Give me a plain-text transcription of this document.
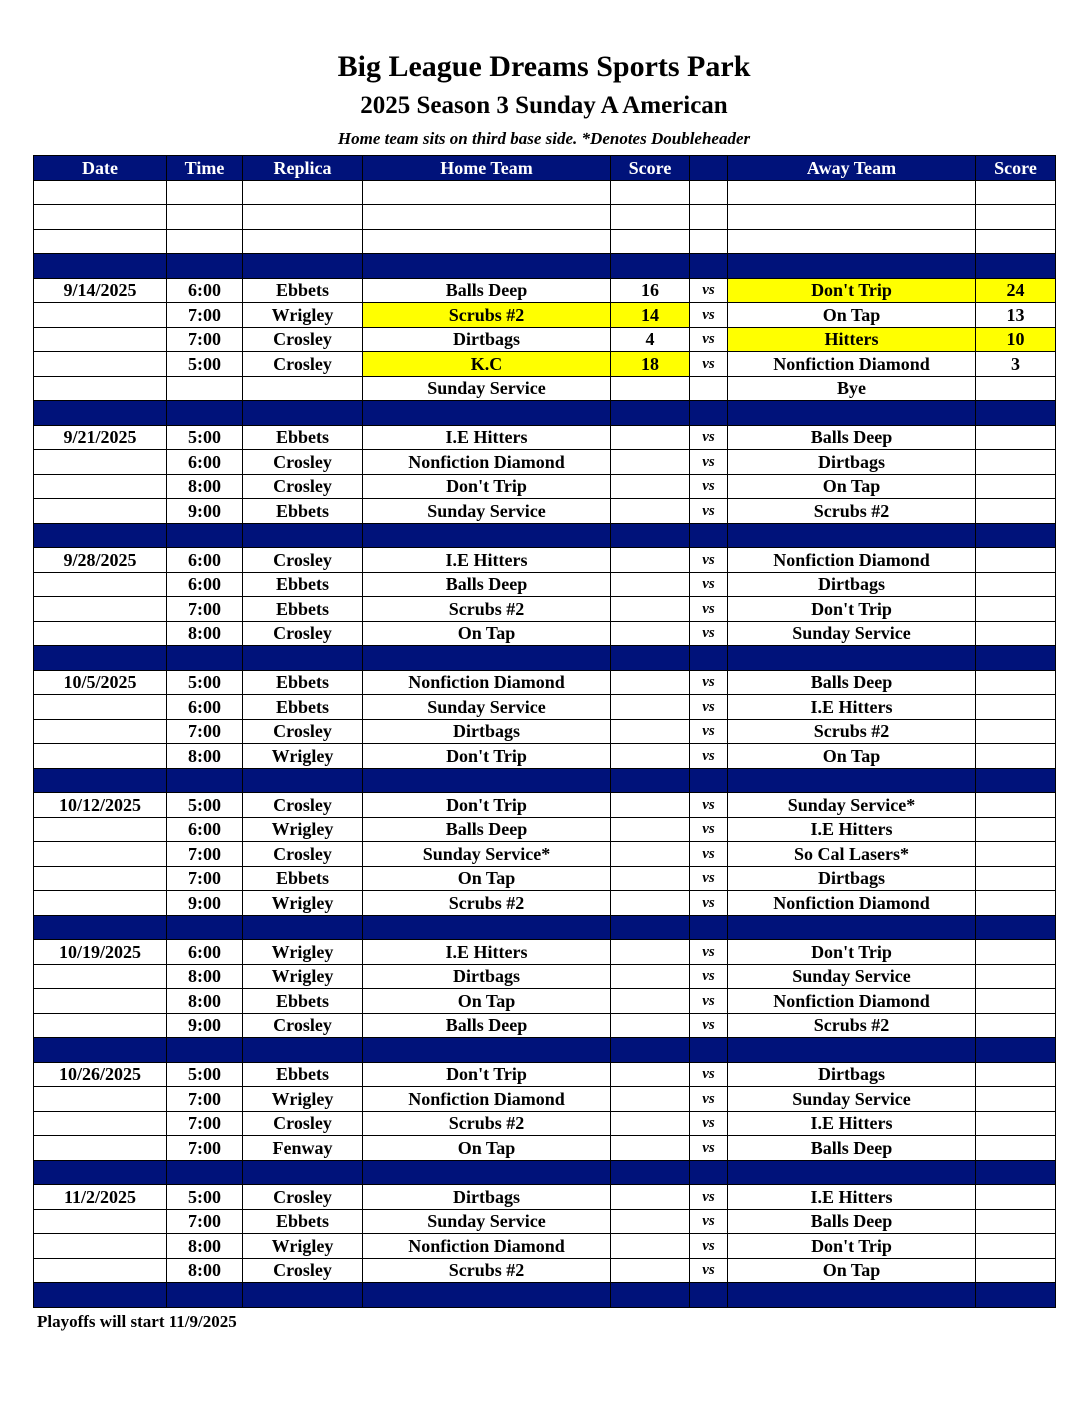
Big League Dreams Sports Park
2025 Season 3 Sunday A American
Home team sits on third base side. *Denotes Doubleheader
Date	Time	Replica	Home Team	Score		Away Team	Score

9/14/2025	6:00	Ebbets	Balls Deep	16	vs	Don't Trip	24
	7:00	Wrigley	Scrubs #2	14	vs	On Tap	13
	7:00	Crosley	Dirtbags	4	vs	Hitters	10
	5:00	Crosley	K.C	18	vs	Nonfiction Diamond	3
			Sunday Service			Bye	

9/21/2025	5:00	Ebbets	I.E Hitters		vs	Balls Deep	
	6:00	Crosley	Nonfiction Diamond		vs	Dirtbags	
	8:00	Crosley	Don't Trip		vs	On Tap	
	9:00	Ebbets	Sunday Service		vs	Scrubs #2	

9/28/2025	6:00	Crosley	I.E Hitters		vs	Nonfiction Diamond	
	6:00	Ebbets	Balls Deep		vs	Dirtbags	
	7:00	Ebbets	Scrubs #2		vs	Don't Trip	
	8:00	Crosley	On Tap		vs	Sunday Service	

10/5/2025	5:00	Ebbets	Nonfiction Diamond		vs	Balls Deep	
	6:00	Ebbets	Sunday Service		vs	I.E Hitters	
	7:00	Crosley	Dirtbags		vs	Scrubs #2	
	8:00	Wrigley	Don't Trip		vs	On Tap	

10/12/2025	5:00	Crosley	Don't Trip		vs	Sunday Service*	
	6:00	Wrigley	Balls Deep		vs	I.E Hitters	
	7:00	Crosley	Sunday Service*		vs	So Cal Lasers*	
	7:00	Ebbets	On Tap		vs	Dirtbags	
	9:00	Wrigley	Scrubs #2		vs	Nonfiction Diamond	

10/19/2025	6:00	Wrigley	I.E Hitters		vs	Don't Trip	
	8:00	Wrigley	Dirtbags		vs	Sunday Service	
	8:00	Ebbets	On Tap		vs	Nonfiction Diamond	
	9:00	Crosley	Balls Deep		vs	Scrubs #2	

10/26/2025	5:00	Ebbets	Don't Trip		vs	Dirtbags	
	7:00	Wrigley	Nonfiction Diamond		vs	Sunday Service	
	7:00	Crosley	Scrubs #2		vs	I.E Hitters	
	7:00	Fenway	On Tap		vs	Balls Deep	

11/2/2025	5:00	Crosley	Dirtbags		vs	I.E Hitters	
	7:00	Ebbets	Sunday Service		vs	Balls Deep	
	8:00	Wrigley	Nonfiction Diamond		vs	Don't Trip	
	8:00	Crosley	Scrubs #2		vs	On Tap	

Playoffs will start 11/9/2025
